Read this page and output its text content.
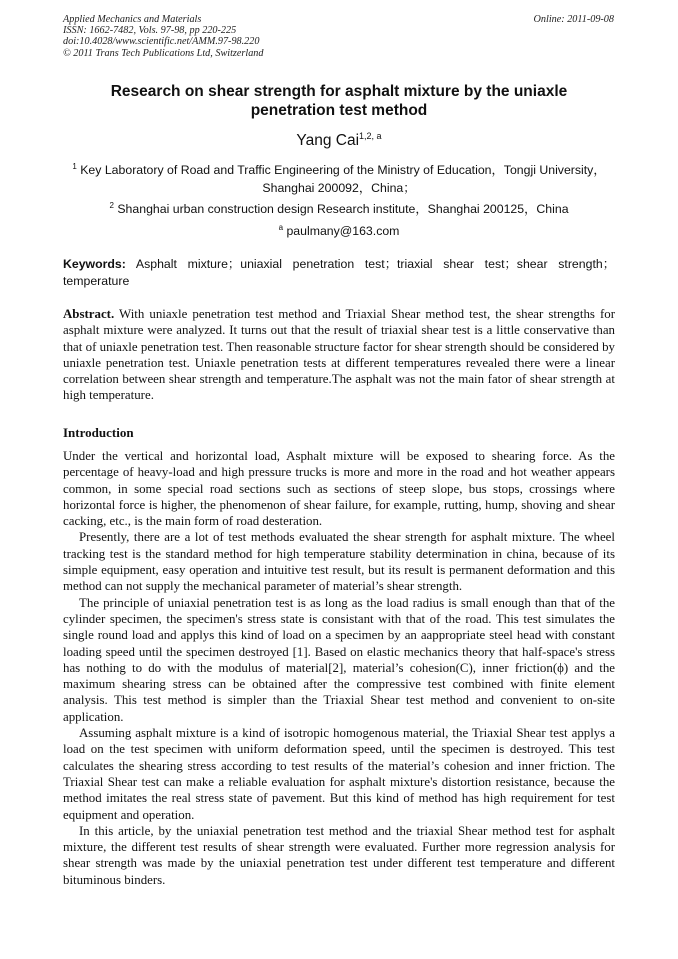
Applied Mechanics and Materials
ISSN: 1662-7482, Vols. 97-98, pp 220-225
doi:10.4028/www.scientific.net/AMM.97-98.220
© 2011 Trans Tech Publications Ltd, Switzerland
Online: 2011-09-08
Research on shear strength for asphalt mixture by the uniaxle penetration test method
Yang Cai$^{1,2, a}$
$^1$ Key Laboratory of Road and Traffic Engineering of the Ministry of Education，Tongji University，Shanghai 200092，China；
$^2$ Shanghai urban construction design Research institute，Shanghai 200125，China
$^a$ paulmany@163.com
Keywords: Asphalt mixture；uniaxial penetration test；triaxial shear test；shear strength；temperature

Abstract. With uniaxle penetration test method and Triaxial Shear method test, the shear strengths for asphalt mixture were analyzed. It turns out that the result of triaxial shear test is a little conservative than that of uniaxle penetration test. Then reasonable structure factor for shear strength should be considered by uniaxle penetration test. Uniaxle penetration tests at different temperatures revealed there were a linear correlation between shear strength and temperature.The asphalt was not the main fator of shear strength at high temperature.

Introduction

Under the vertical and horizontal load, Asphalt mixture will be exposed to shearing force. As the percentage of heavy-load and high pressure trucks is more and more in the road and hot weather appears common, in some special road sections such as sections of steep slope, bus stops, crossings where horizontal force is higher, the phenomenon of shear failure, for example, rutting, hump, shoving and shear cacking, etc., is the main form of road desteration.

Presently, there are a lot of test methods evaluated the shear strength for asphalt mixture. The wheel tracking test is the standard method for high temperature stability determination in china, because of its simple equipment, easy operation and intuitive test result, but its result is permanent deformation and this method can not supply the mechanical parameter of material’s shear strength.

The principle of uniaxial penetration test is as long as the load radius is small enough than that of the cylinder specimen, the specimen's stress state is consistant with that of the road. This test simulates the single round load and applys this kind of load on a specimen by an aappropriate steel head with constant loading speed until the specimen destroyed [1]. Based on elastic mechanics theory that half-space's stress has nothing to do with the modulus of material[2], material’s cohesion(C), inner friction(ϕ) and the maximum shearing stress can be obtained after the compressive test combined with finite element analysis. This test method is simpler than the Triaxial Shear test method and convenient to on-site application.

Assuming asphalt mixture is a kind of isotropic homogenous material, the Triaxial Shear test applys a load on the test specimen with uniform deformation speed, until the specimen is destroyed. This test calculates the shearing stress according to test results of the material’s cohesion and inner friction. The Triaxial Shear test can make a reliable evaluation for asphalt mixture's distortion resistance, because the method imitates the real stress state of pavement. But this kind of method has high requirement for test equipment and operation.

In this article, by the uniaxial penetration test method and the triaxial Shear method test for asphalt mixture, the different test results of shear strength were evaluated. Further more regression analysis for shear strength was made by the uniaxial penetration test under different test temperature and different bituminous binders.
